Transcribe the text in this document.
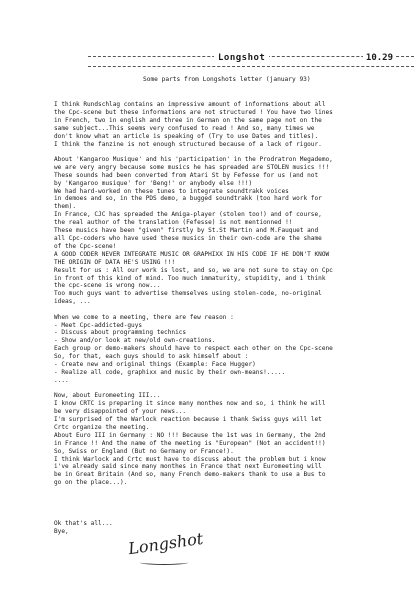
Longshot	10.29
Some parts from Longshots letter (january 93)
I think Rundschlag contains an impressive amount of informations about all
the Cpc-scene but these informations are not structured ! You have two lines
in French, two in english and three in German on the same page not on the
same subject...This seems very confused to read ! And so, many times we
don't know what an article is speaking of (Try to use Dates and titles).
I think the fanzine is not enough structured because of a lack of rigour.
About 'Kangaroo Musique' and his 'participation' in the Prodratron Megademo,
we are very angry because some musics he has spreaded are STOLEN musics !!!
These sounds had been converted from Atari St by Fefesse for us (and not
by 'Kangaroo musique' for 'Beng!' or anybody else !!!)
We had hard-worked on these tunes to integrate soundtrakk voices
in demoes and so, in the PDS demo, a bugged soundtrakk (too hard work for
them).
In France, CJC has spreaded the Amiga-player (stolen too!) and of course,
the real author of the translation (Fefesse) is not mentionned !!
These musics have been "given" firstly by St.St Martin and M.Fauquet and
all Cpc-coders who have used these musics in their own-code are the shame
of the Cpc-scene!
A GOOD CODER NEVER INTEGRATE MUSIC OR GRAPHIXX IN HIS CODE IF HE DON'T KNOW
THE ORIGIN OF DATA HE'S USING !!!
Result for us : All our work is lost, and so, we are not sure to stay on Cpc
in front of this kind of mind. Too much immaturity, stupidity, and i think
the cpc-scene is wrong now...
Too much guys want to advertise themselves using stolen-code, no-original
ideas, ...
When we come to a meeting, there are few reason :
- Meet Cpc-addicted-guys
- Discuss about programming technics
- Show and/or look at new/old own-creations.
Each group or demo-makers should have to respect each other on the Cpc-scene
So, for that, each guys should to ask himself about :
- Create new and original things (Example: Face Hugger)
- Realize all code, graphixx and music by their own-means!.....
....
Now, about Euromeeting III...
I know CRTC is preparing it since many monthes now and so, i think he will
be very disappointed of your news...
I'm surprised of the Warlock reaction because i thank Swiss guys will let
Crtc organize the meeting.
About Euro III in Germany : NO !!! Because the 1st was in Germany, the 2nd
in France !! And the name of the meeting is "European" (Not an accident!!)
So, Swiss or England (But no Germany or France!).
I think Warlock and Crtc must have to discuss about the problem but i know
i've already said since many monthes in France that next Euromeeting will
be in Great Britain (And so, many French demo-makers thank to use a Bus to
go on the place...).
Ok that's all...
Bye,	Longshot
